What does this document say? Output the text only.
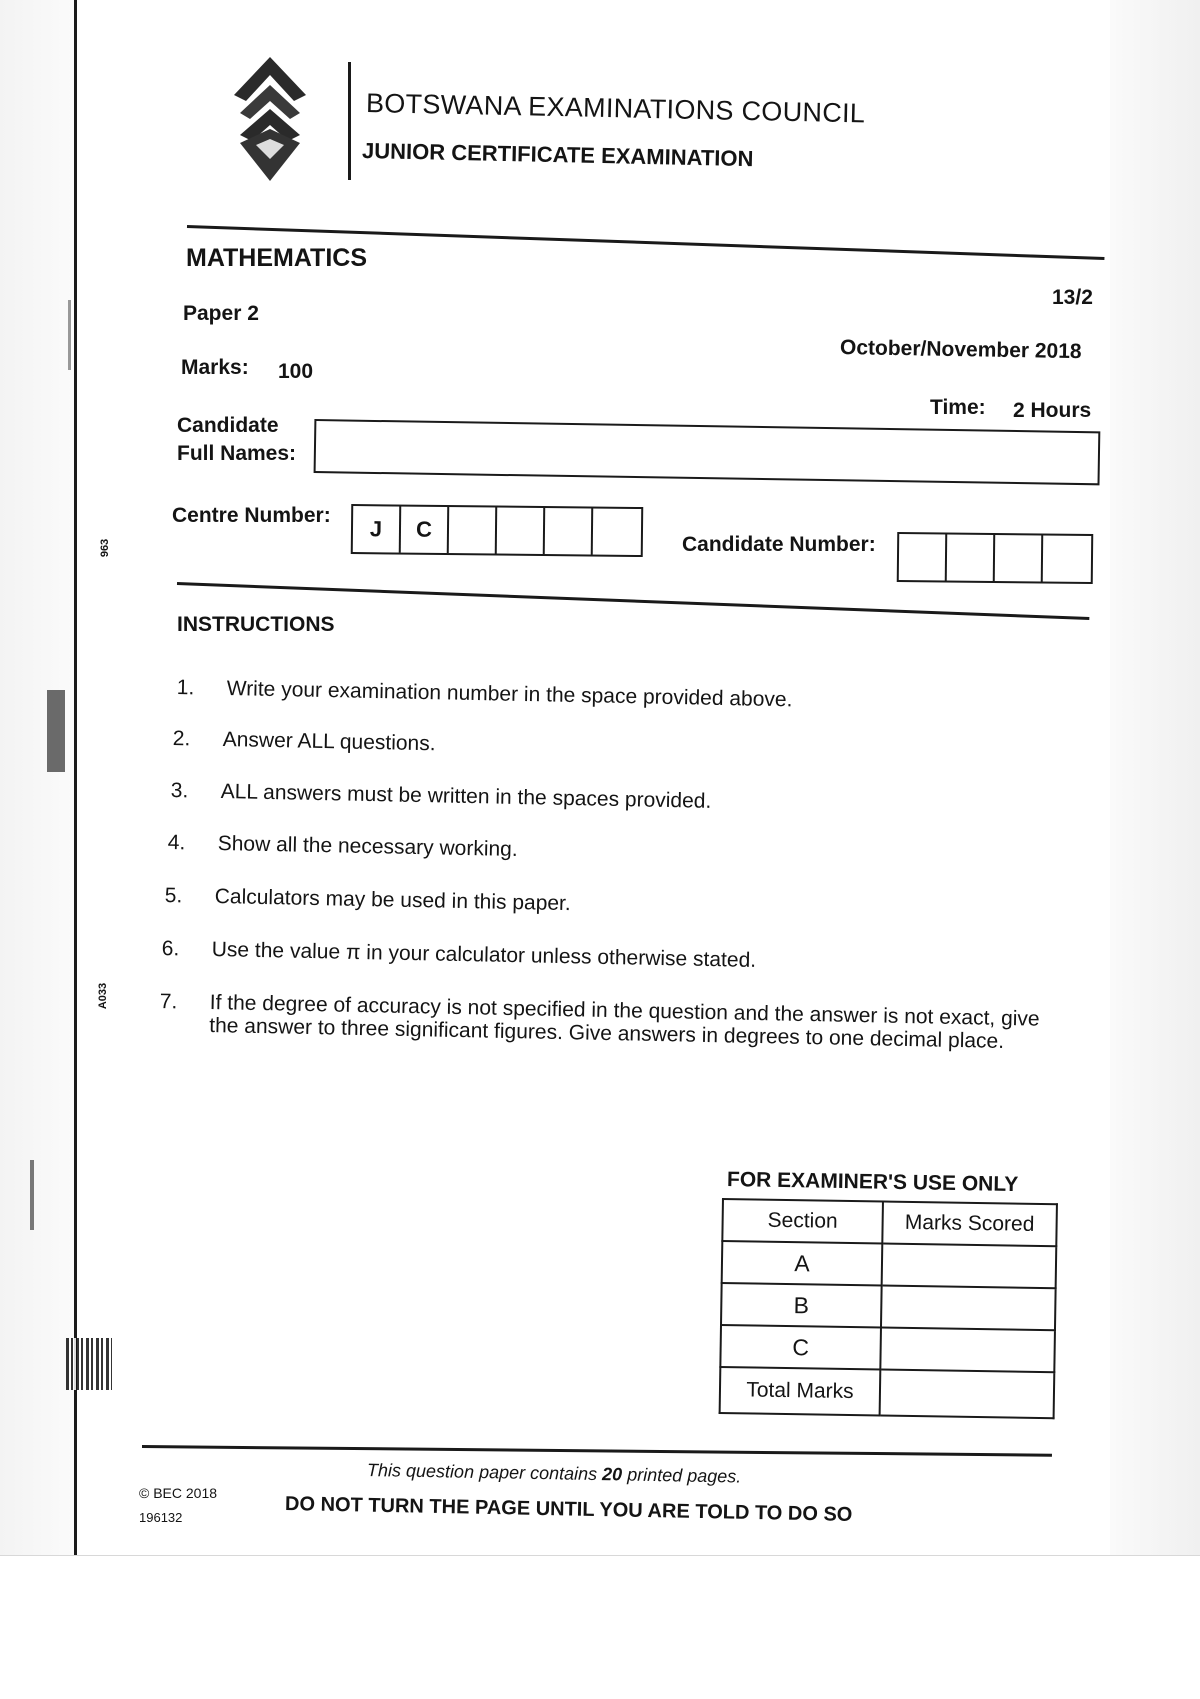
BOTSWANA EXAMINATIONS COUNCIL
JUNIOR CERTIFICATE EXAMINATION
MATHEMATICS
13/2
Paper 2
October/November 2018
Marks: 100
Time: 2 Hours
Candidate
Full Names:
Centre Number:
J	C
Candidate Number:
INSTRUCTIONS
1. Write your examination number in the space provided above.
2. Answer ALL questions.
3. ALL answers must be written in the spaces provided.
4. Show all the necessary working.
5. Calculators may be used in this paper.
6. Use the value π in your calculator unless otherwise stated.
7. If the degree of accuracy is not specified in the question and the answer is not exact, give the answer to three significant figures. Give answers in degrees to one decimal place.
963
A033
FOR EXAMINER'S USE ONLY
Section	Marks Scored
A	
B	
C	
Total Marks	
This question paper contains 20 printed pages.
© BEC 2018
196132	DO NOT TURN THE PAGE UNTIL YOU ARE TOLD TO DO SO
